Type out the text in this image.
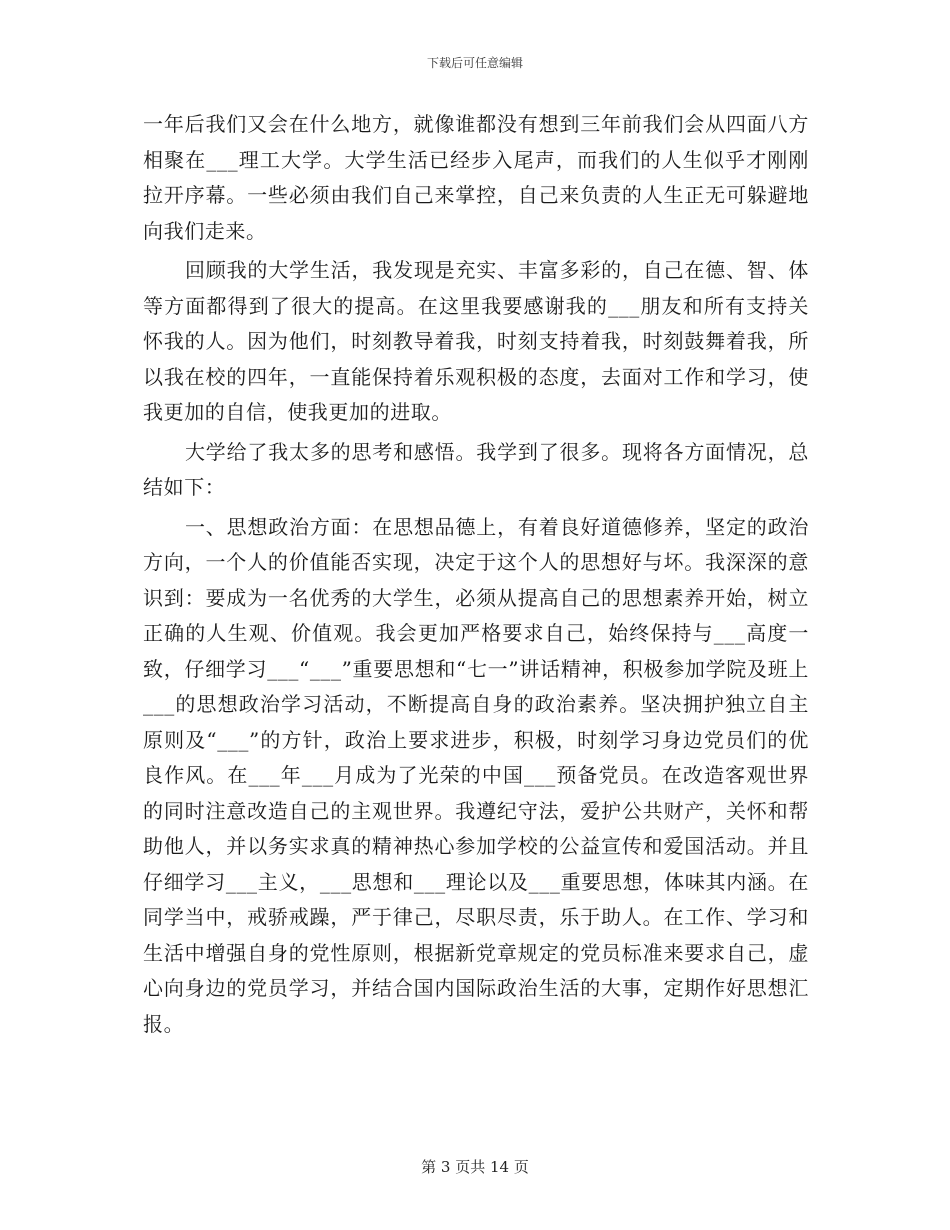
下载后可任意编辑

一年后我们又会在什么地方，就像谁都没有想到三年前我们会从四面八方相聚在___理工大学。大学生活已经步入尾声，而我们的人生似乎才刚刚拉开序幕。一些必须由我们自己来掌控，自己来负责的人生正无可躲避地向我们走来。

回顾我的大学生活，我发现是充实、丰富多彩的，自己在德、智、体等方面都得到了很大的提高。在这里我要感谢我的___朋友和所有支持关怀我的人。因为他们，时刻教导着我，时刻支持着我，时刻鼓舞着我，所以我在校的四年，一直能保持着乐观积极的态度，去面对工作和学习，使我更加的自信，使我更加的进取。

大学给了我太多的思考和感悟。我学到了很多。现将各方面情况，总结如下：

一、思想政治方面：在思想品德上，有着良好道德修养，坚定的政治方向，一个人的价值能否实现，决定于这个人的思想好与坏。我深深的意识到：要成为一名优秀的大学生，必须从提高自己的思想素养开始，树立正确的人生观、价值观。我会更加严格要求自己，始终保持与___高度一致，仔细学习___“___”重要思想和“七一”讲话精神，积极参加学院及班上___的思想政治学习活动，不断提高自身的政治素养。坚决拥护独立自主原则及“___”的方针，政治上要求进步，积极，时刻学习身边党员们的优良作风。在___年___月成为了光荣的中国___预备党员。在改造客观世界的同时注意改造自己的主观世界。我遵纪守法，爱护公共财产，关怀和帮助他人，并以务实求真的精神热心参加学校的公益宣传和爱国活动。并且仔细学习___主义，___思想和___理论以及___重要思想，体味其内涵。在同学当中，戒骄戒躁，严于律己，尽职尽责，乐于助人。在工作、学习和生活中增强自身的党性原则，根据新党章规定的党员标准来要求自己，虚心向身边的党员学习，并结合国内国际政治生活的大事，定期作好思想汇报。

第 3 页共 14 页
